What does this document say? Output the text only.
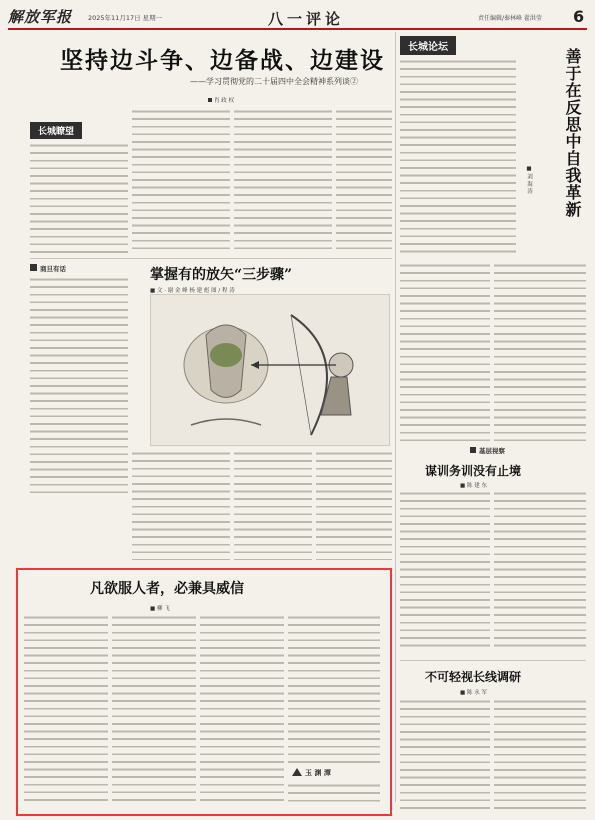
解放军报 2025年11月17日 星期一	八一评论	责任编辑/秦林峰 翟洪莹 6
坚持边斗争、边备战、边建设
——学习贯彻党的二十届四中全会精神系列谈②
肖 政 权
长城瞭望
长城论坛
善于在反思中自我革新
■ 刘 海 涛
商旦有话	掌握有的放矢“三步骤”
■ 文 · 谢 金 峰 杨 建 彪 图 / 程 涛
基层视察
谋训务训没有止境
■ 陈 建 东
凡欲服人者，必兼具威信
■ 柳 飞
玉 渊 潭
不可轻视长线调研
■ 陈 永 军
